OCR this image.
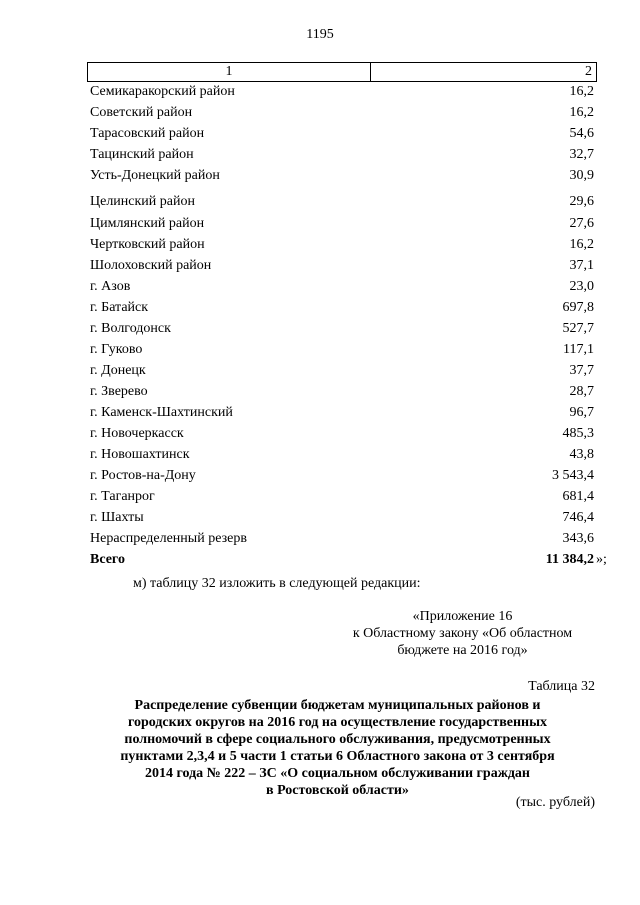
1195
1	2
Семикаракорский район	16,2
Советский район	16,2
Тарасовский район	54,6
Тацинский район	32,7
Усть-Донецкий район	30,9
Целинский район	29,6
Цимлянский район	27,6
Чертковский район	16,2
Шолоховский район	37,1
г. Азов	23,0
г. Батайск	697,8
г. Волгодонск	527,7
г. Гуково	117,1
г. Донецк	37,7
г. Зверево	28,7
г. Каменск-Шахтинский	96,7
г. Новочеркасск	485,3
г. Новошахтинск	43,8
г. Ростов-на-Дону	3 543,4
г. Таганрог	681,4
г. Шахты	746,4
Нераспределенный резерв	343,6
Всего	11 384,2 »;
м) таблицу 32 изложить в следующей редакции:
«Приложение 16
к Областному закону «Об областном
бюджете на 2016 год»
Таблица 32
Распределение субвенции бюджетам муниципальных районов и
городских округов на 2016 год на осуществление государственных
полномочий в сфере социального обслуживания, предусмотренных
пунктами 2,3,4 и 5 части 1 статьи 6 Областного закона от 3 сентября
2014 года № 222 – ЗС «О социальном обслуживании граждан
в Ростовской области»
(тыс. рублей)
